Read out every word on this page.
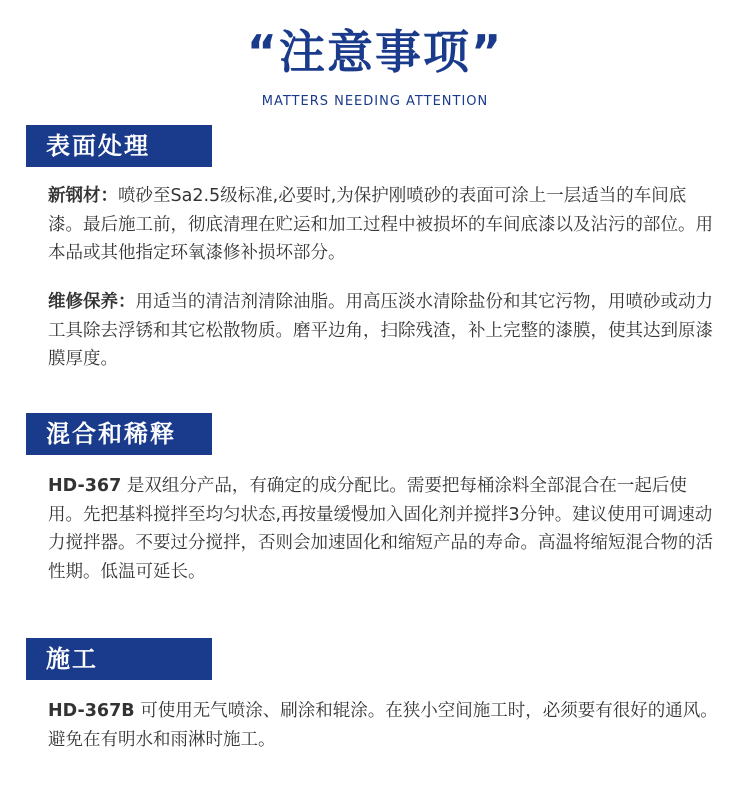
“注意事项”
MATTERS NEEDING ATTENTION
表面处理

新钢材：喷砂至Sa2.5级标准,必要时,为保护刚喷砂的表面可涂上一层适当的车间底漆。最后施工前，彻底清理在贮运和加工过程中被损坏的车间底漆以及沾污的部位。用本品或其他指定环氧漆修补损坏部分。

维修保养：用适当的清洁剂清除油脂。用高压淡水清除盐份和其它污物，用喷砂或动力工具除去浮锈和其它松散物质。磨平边角，扫除残渣，补上完整的漆膜，使其达到原漆膜厚度。

混合和稀释

HD-367 是双组分产品，有确定的成分配比。需要把每桶涂料全部混合在一起后使用。先把基料搅拌至均匀状态,再按量缓慢加入固化剂并搅拌3分钟。建议使用可调速动力搅拌器。不要过分搅拌，否则会加速固化和缩短产品的寿命。高温将缩短混合物的活性期。低温可延长。

施工

HD-367B 可使用无气喷涂、刷涂和辊涂。在狭小空间施工时，必须要有很好的通风。避免在有明水和雨淋时施工。
